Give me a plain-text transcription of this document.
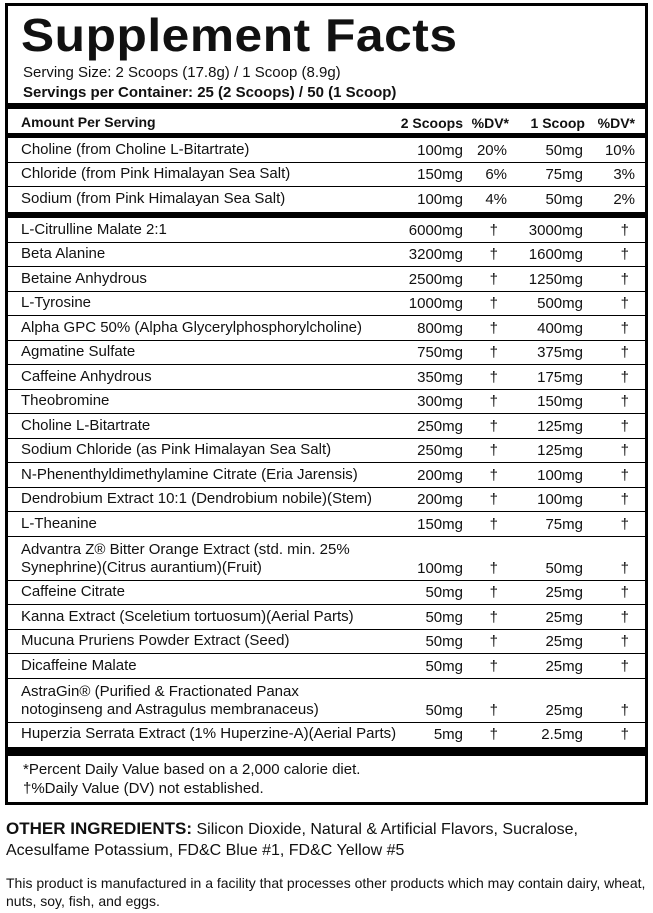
Supplement Facts
Serving Size: 2 Scoops (17.8g) / 1 Scoop (8.9g)
Servings per Container: 25 (2 Scoops) / 50 (1 Scoop)
Amount Per Serving	2 Scoops %DV* 1 Scoop %DV*
Choline (from Choline L-Bitartrate)	100mg 20%	50mg 10%
Chloride (from Pink Himalayan Sea Salt)	150mg 6%	75mg 3%
Sodium (from Pink Himalayan Sea Salt)	100mg 4%	50mg 2%
L-Citrulline Malate 2:1	6000mg † 3000mg	†
Beta Alanine	3200mg † 1600mg	†
Betaine Anhydrous	2500mg † 1250mg	†
L-Tyrosine	1000mg †	500mg	†
Alpha GPC 50% (Alpha Glycerylphosphorylcholine)	800mg †	400mg	†
Agmatine Sulfate	750mg †	375mg	†
Caffeine Anhydrous	350mg †	175mg	†
Theobromine	300mg †	150mg	†
Choline L-Bitartrate	250mg †	125mg	†
Sodium Chloride (as Pink Himalayan Sea Salt)	250mg †	125mg	†
N-Phenenthyldimethylamine Citrate (Eria Jarensis)	200mg †	100mg	†
Dendrobium Extract 10:1 (Dendrobium nobile)(Stem)	200mg †	100mg	†
L-Theanine	150mg †	75mg	†
Advantra Z® Bitter Orange Extract (std. min. 25%
Synephrine)(Citrus aurantium)(Fruit)	100mg †	50mg	†
Caffeine Citrate	50mg †	25mg	†
Kanna Extract (Sceletium tortuosum)(Aerial Parts)	50mg †	25mg	†
Mucuna Pruriens Powder Extract (Seed)	50mg †	25mg	†
Dicaffeine Malate	50mg †	25mg	†
AstraGin® (Purified & Fractionated Panax
notoginseng and Astragulus membranaceus)	50mg †	25mg	†
Huperzia Serrata Extract (1% Huperzine-A)(Aerial Parts)	5mg †	2.5mg	†
*Percent Daily Value based on a 2,000 calorie diet.
†%Daily Value (DV) not established.
OTHER INGREDIENTS: Silicon Dioxide, Natural & Artificial Flavors, Sucralose, Acesulfame Potassium, FD&C Blue #1, FD&C Yellow #5
This product is manufactured in a facility that processes other products which may contain dairy, wheat, nuts, soy, fish, and eggs.
